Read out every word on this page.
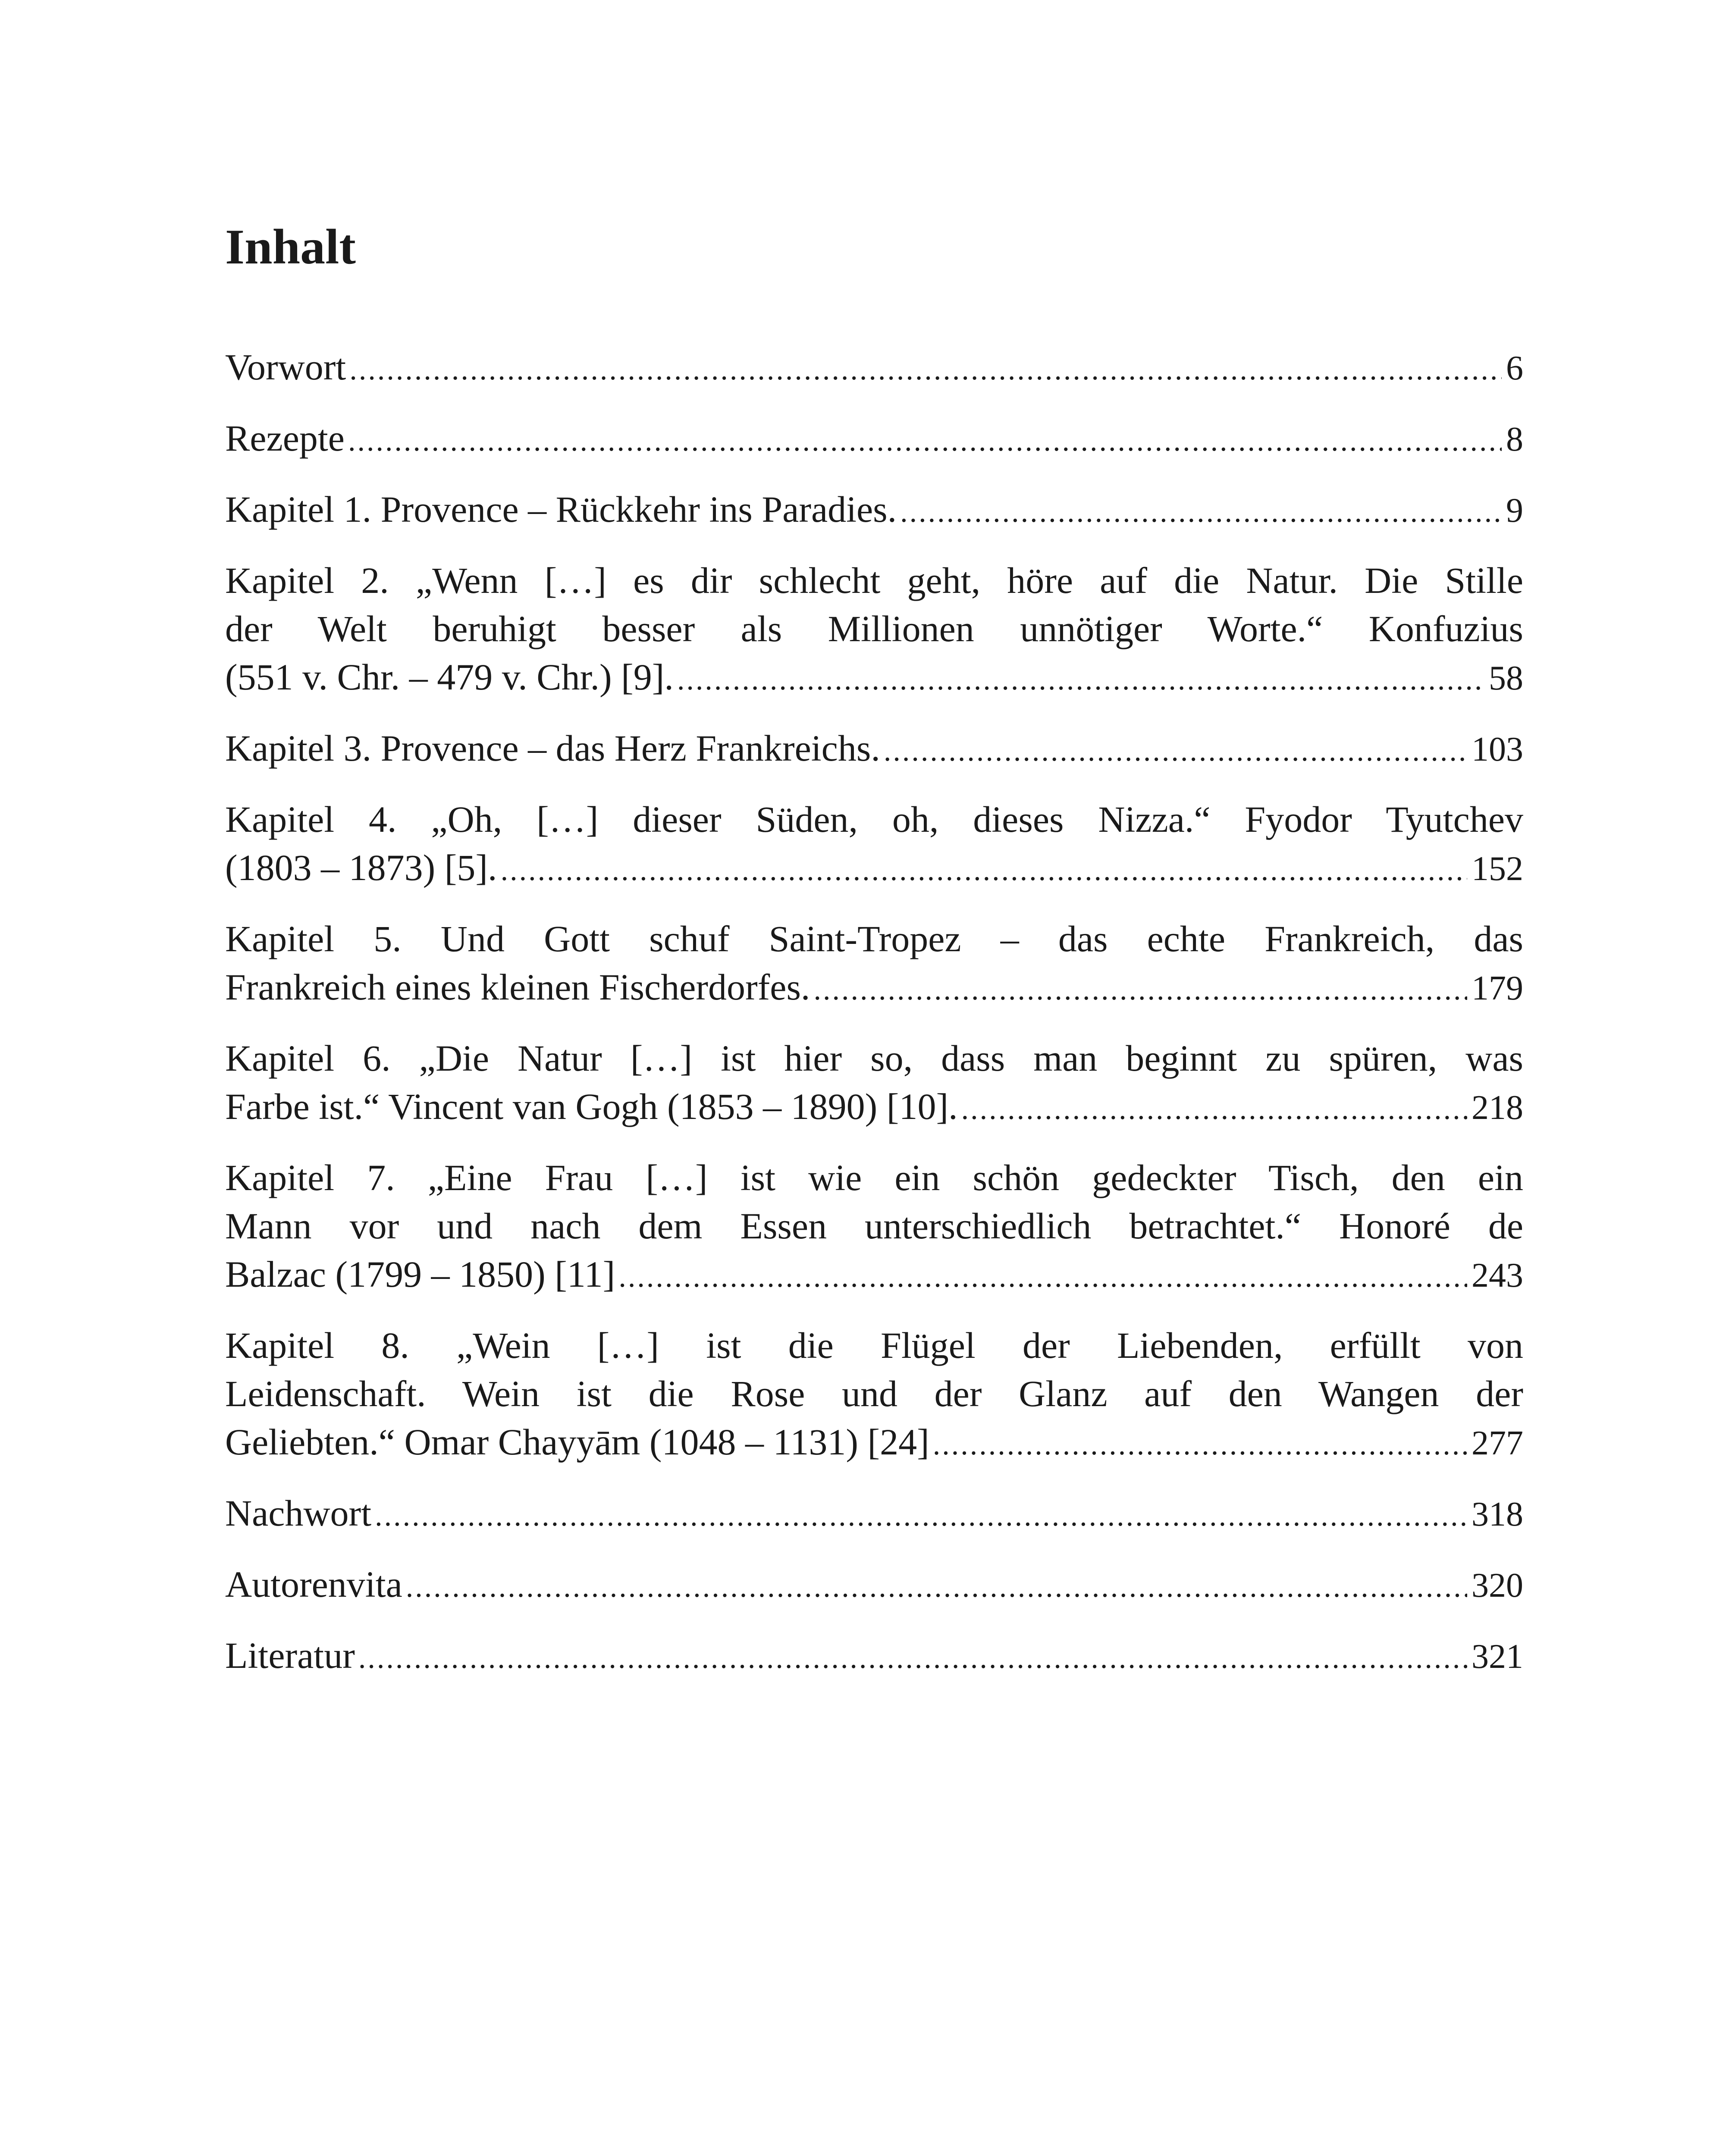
Inhalt
Vorwort .....	6
Rezepte .....	8
Kapitel 1. Provence – Rückkehr ins Paradies. .....	9
Kapitel 2. „Wenn […] es dir schlecht geht, höre auf die Natur. Die Stille
der Welt beruhigt besser als Millionen unnötiger Worte.“ Konfuzius
(551 v. Chr. – 479 v. Chr.) [9]. .....	58
Kapitel 3. Provence – das Herz Frankreichs. .....	103
Kapitel 4. „Oh, […] dieser Süden, oh, dieses Nizza.“ Fyodor Tyutchev
(1803 – 1873) [5]. .....	152
Kapitel 5. Und Gott schuf Saint-Tropez – das echte Frankreich, das
Frankreich eines kleinen Fischerdorfes. .....	179
Kapitel 6. „Die Natur […] ist hier so, dass man beginnt zu spüren, was
Farbe ist.“ Vincent van Gogh (1853 – 1890) [10]. .....	218
Kapitel 7. „Eine Frau […] ist wie ein schön gedeckter Tisch, den ein
Mann vor und nach dem Essen unterschiedlich betrachtet.“ Honoré de
Balzac (1799 – 1850) [11] .....	243
Kapitel 8. „Wein […] ist die Flügel der Liebenden, erfüllt von
Leidenschaft. Wein ist die Rose und der Glanz auf den Wangen der
Geliebten.“ Omar Chayyām (1048 – 1131) [24] .....	277
Nachwort .....	318
Autorenvita .....	320
Literatur .....	321
